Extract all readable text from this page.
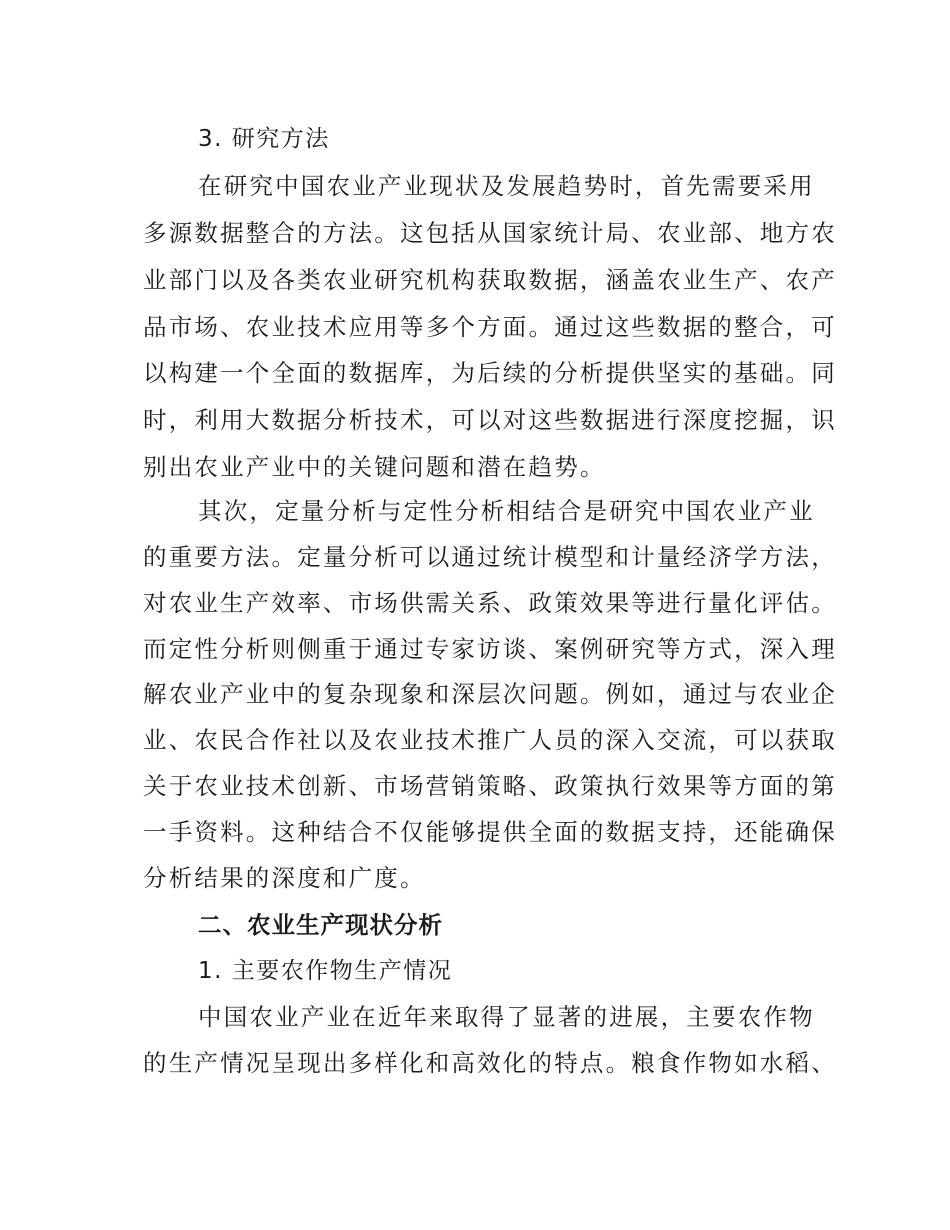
3. 研究方法
在研究中国农业产业现状及发展趋势时，首先需要采用
多源数据整合的方法。这包括从国家统计局、农业部、地方农
业部门以及各类农业研究机构获取数据，涵盖农业生产、农产
品市场、农业技术应用等多个方面。通过这些数据的整合，可
以构建一个全面的数据库，为后续的分析提供坚实的基础。同
时，利用大数据分析技术，可以对这些数据进行深度挖掘，识
别出农业产业中的关键问题和潜在趋势。
其次，定量分析与定性分析相结合是研究中国农业产业
的重要方法。定量分析可以通过统计模型和计量经济学方法，
对农业生产效率、市场供需关系、政策效果等进行量化评估。
而定性分析则侧重于通过专家访谈、案例研究等方式，深入理
解农业产业中的复杂现象和深层次问题。例如，通过与农业企
业、农民合作社以及农业技术推广人员的深入交流，可以获取
关于农业技术创新、市场营销策略、政策执行效果等方面的第
一手资料。这种结合不仅能够提供全面的数据支持，还能确保
分析结果的深度和广度。
二、农业生产现状分析
1. 主要农作物生产情况
中国农业产业在近年来取得了显著的进展，主要农作物
的生产情况呈现出多样化和高效化的特点。粮食作物如水稻、
